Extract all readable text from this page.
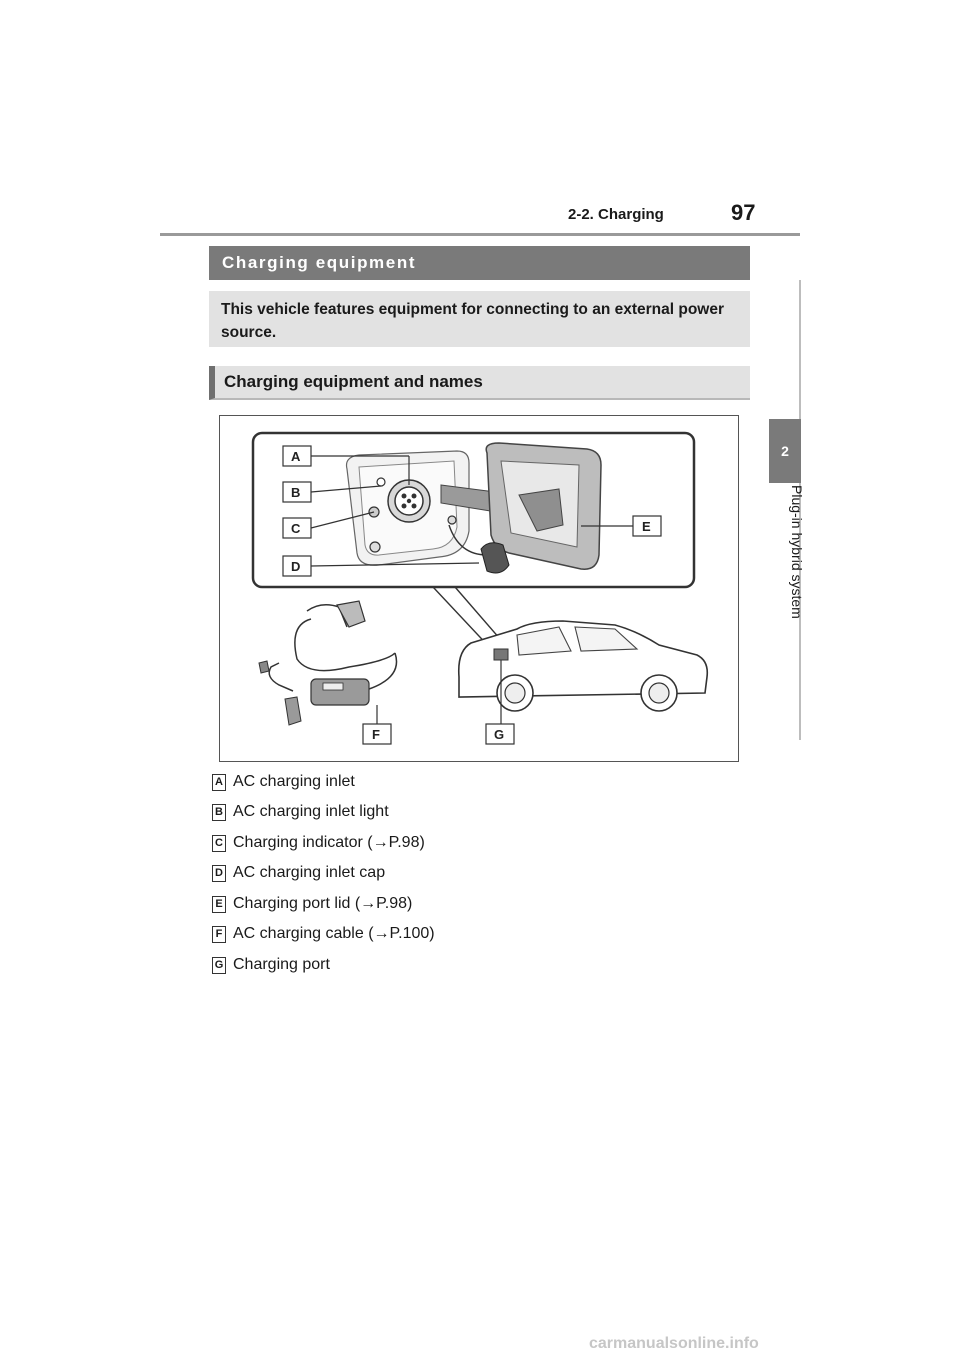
2-2. Charging	97
2
Plug-in hybrid system
Charging equipment
This vehicle features equipment for connecting to an external power source.
Charging equipment and names
A
B
C
D
E
F	G
A AC charging inlet
B AC charging inlet light
C Charging indicator (→P.98)
D AC charging inlet cap
E Charging port lid (→P.98)
F AC charging cable (→P.100)
G Charging port
carmanualsonline.info
